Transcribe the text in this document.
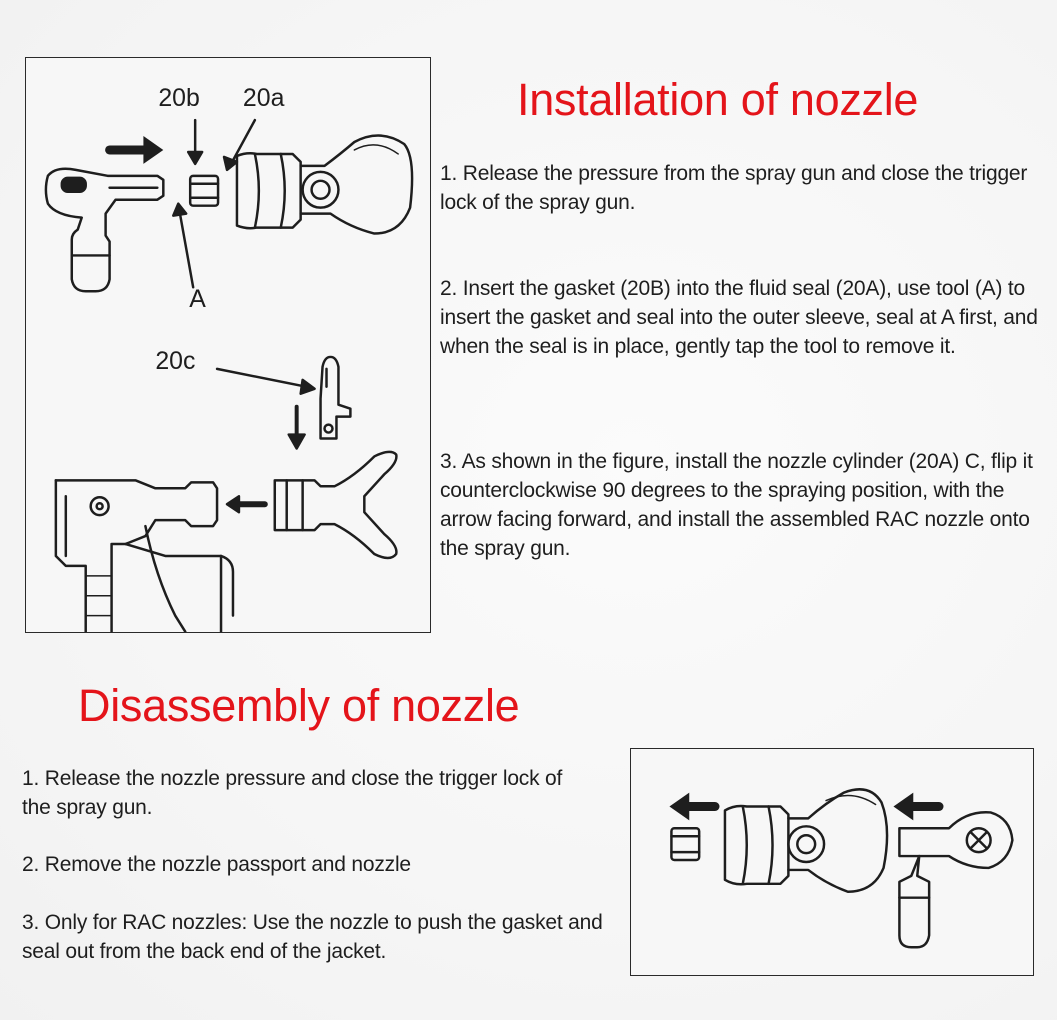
20b 20a
A
20c
Installation of nozzle

1. Release the pressure from the spray gun and close the trigger lock of the spray gun.

2. Insert the gasket (20B) into the fluid seal (20A), use tool (A) to insert the gasket and seal into the outer sleeve, seal at A first, and when the seal is in place, gently tap the tool to remove it.

3. As shown in the figure, install the nozzle cylinder (20A) C, flip it counterclockwise 90 degrees to the spraying position, with the arrow facing forward, and install the assembled RAC nozzle onto the spray gun.

Disassembly of nozzle

1. Release the nozzle pressure and close the trigger lock of the spray gun.

2. Remove the nozzle passport and nozzle

3. Only for RAC nozzles: Use the nozzle to push the gasket and seal out from the back end of the jacket.
